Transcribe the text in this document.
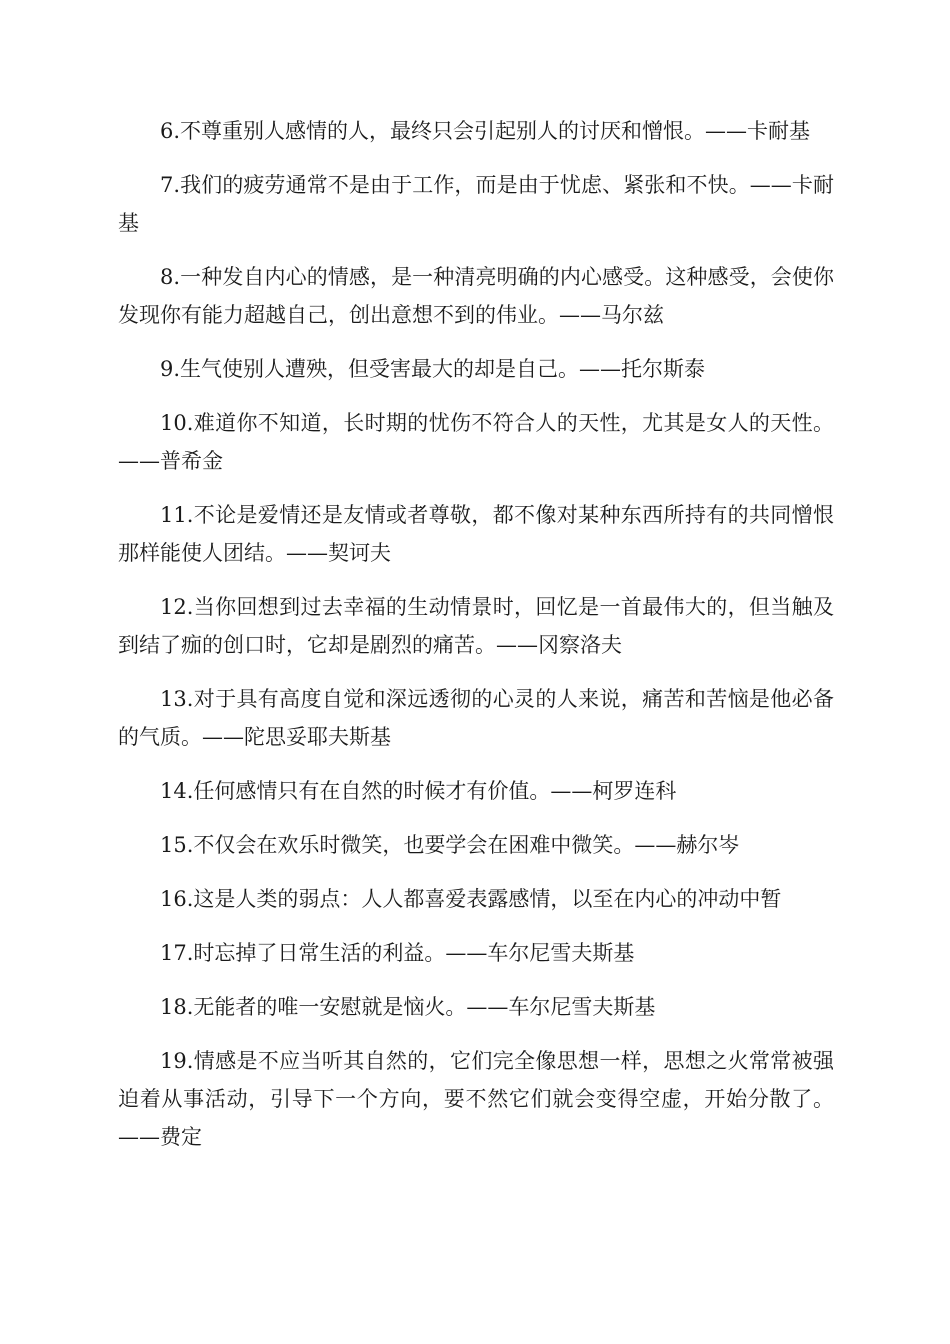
6.不尊重别人感情的人，最终只会引起别人的讨厌和憎恨。——卡耐基

7.我们的疲劳通常不是由于工作，而是由于忧虑、紧张和不快。——卡耐基

8.一种发自内心的情感，是一种清亮明确的内心感受。这种感受，会使你发现你有能力超越自己，创出意想不到的伟业。——马尔兹

9.生气使别人遭殃，但受害最大的却是自己。——托尔斯泰

10.难道你不知道，长时期的忧伤不符合人的天性，尤其是女人的天性。——普希金

11.不论是爱情还是友情或者尊敬，都不像对某种东西所持有的共同憎恨那样能使人团结。——契诃夫

12.当你回想到过去幸福的生动情景时，回忆是一首最伟大的，但当触及到结了痂的创口时，它却是剧烈的痛苦。——冈察洛夫

13.对于具有高度自觉和深远透彻的心灵的人来说，痛苦和苦恼是他必备的气质。——陀思妥耶夫斯基

14.任何感情只有在自然的时候才有价值。——柯罗连科

15.不仅会在欢乐时微笑，也要学会在困难中微笑。——赫尔岑

16.这是人类的弱点：人人都喜爱表露感情，以至在内心的冲动中暂

17.时忘掉了日常生活的利益。——车尔尼雪夫斯基

18.无能者的唯一安慰就是恼火。——车尔尼雪夫斯基

19.情感是不应当听其自然的，它们完全像思想一样，思想之火常常被强迫着从事活动，引导下一个方向，要不然它们就会变得空虚，开始分散了。——费定
